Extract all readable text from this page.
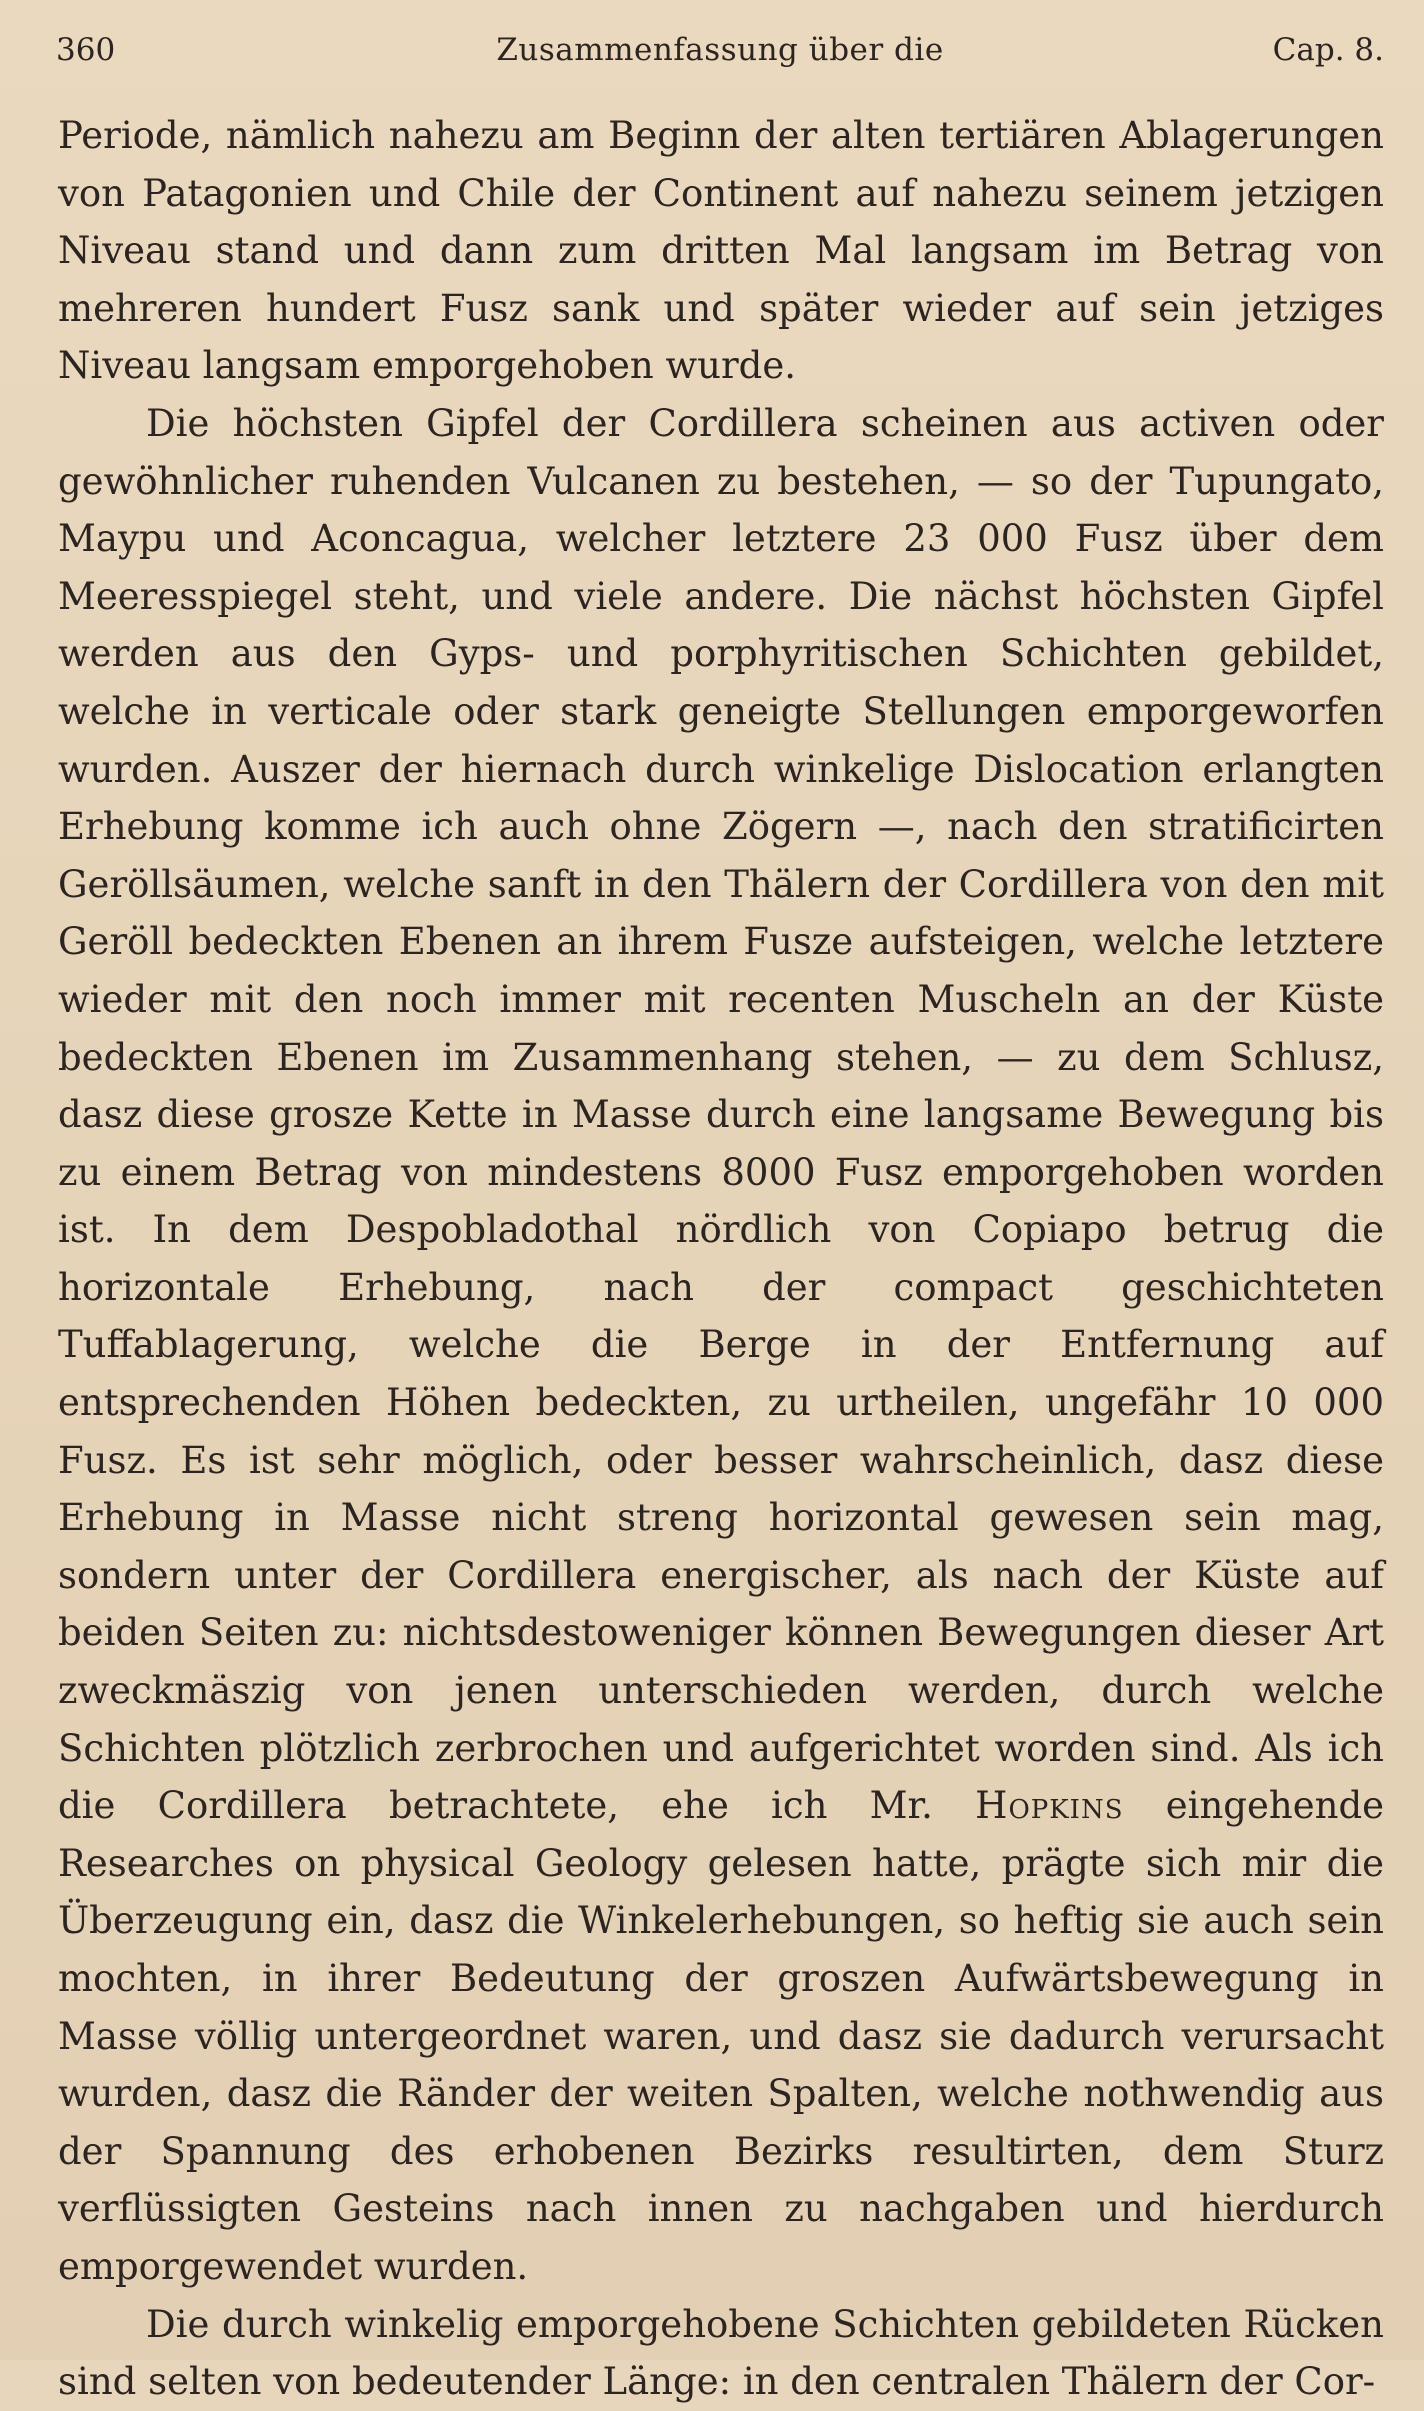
360	Zusammenfassung über die	Cap. 8.

Periode, nämlich nahezu am Beginn der alten tertiären Ablagerungen von Patagonien und Chile der Continent auf nahezu seinem jetzigen Niveau stand und dann zum dritten Mal langsam im Betrag von mehreren hundert Fusz sank und später wieder auf sein jetziges Niveau langsam emporgehoben wurde.

Die höchsten Gipfel der Cordillera scheinen aus activen oder gewöhnlicher ruhenden Vulcanen zu bestehen, — so der Tupungato, Maypu und Aconcagua, welcher letztere 23 000 Fusz über dem Meeresspiegel steht, und viele andere. Die nächst höchsten Gipfel werden aus den Gyps- und porphyritischen Schichten gebildet, welche in verticale oder stark geneigte Stellungen emporgeworfen wurden. Auszer der hiernach durch winkelige Dislocation erlangten Erhebung komme ich auch ohne Zögern —, nach den stratificirten Geröllsäumen, welche sanft in den Thälern der Cordillera von den mit Geröll bedeckten Ebenen an ihrem Fusze aufsteigen, welche letztere wieder mit den noch immer mit recenten Muscheln an der Küste bedeckten Ebenen im Zusammenhang stehen, — zu dem Schlusz, dasz diese grosze Kette in Masse durch eine langsame Bewegung bis zu einem Betrag von mindestens 8000 Fusz emporgehoben worden ist. In dem Despobladothal nördlich von Copiapo betrug die horizontale Erhebung, nach der compact geschichteten Tuffablagerung, welche die Berge in der Entfernung auf entsprechenden Höhen bedeckten, zu urtheilen, ungefähr 10 000 Fusz. Es ist sehr möglich, oder besser wahrscheinlich, dasz diese Erhebung in Masse nicht streng horizontal gewesen sein mag, sondern unter der Cordillera energischer, als nach der Küste auf beiden Seiten zu: nichtsdestoweniger können Bewegungen dieser Art zweckmäszig von jenen unterschieden werden, durch welche Schichten plötzlich zerbrochen und aufgerichtet worden sind. Als ich die Cordillera betrachtete, ehe ich Mr. Hopkins eingehende Researches on physical Geology gelesen hatte, prägte sich mir die Überzeugung ein, dasz die Winkelerhebungen, so heftig sie auch sein mochten, in ihrer Bedeutung der groszen Aufwärtsbewegung in Masse völlig untergeordnet waren, und dasz sie dadurch verursacht wurden, dasz die Ränder der weiten Spalten, welche nothwendig aus der Spannung des erhobenen Bezirks resultirten, dem Sturz verflüssigten Gesteins nach innen zu nachgaben und hierdurch emporgewendet wurden.

Die durch winkelig emporgehobene Schichten gebildeten Rücken sind selten von bedeutender Länge: in den centralen Thälern der Cor-
